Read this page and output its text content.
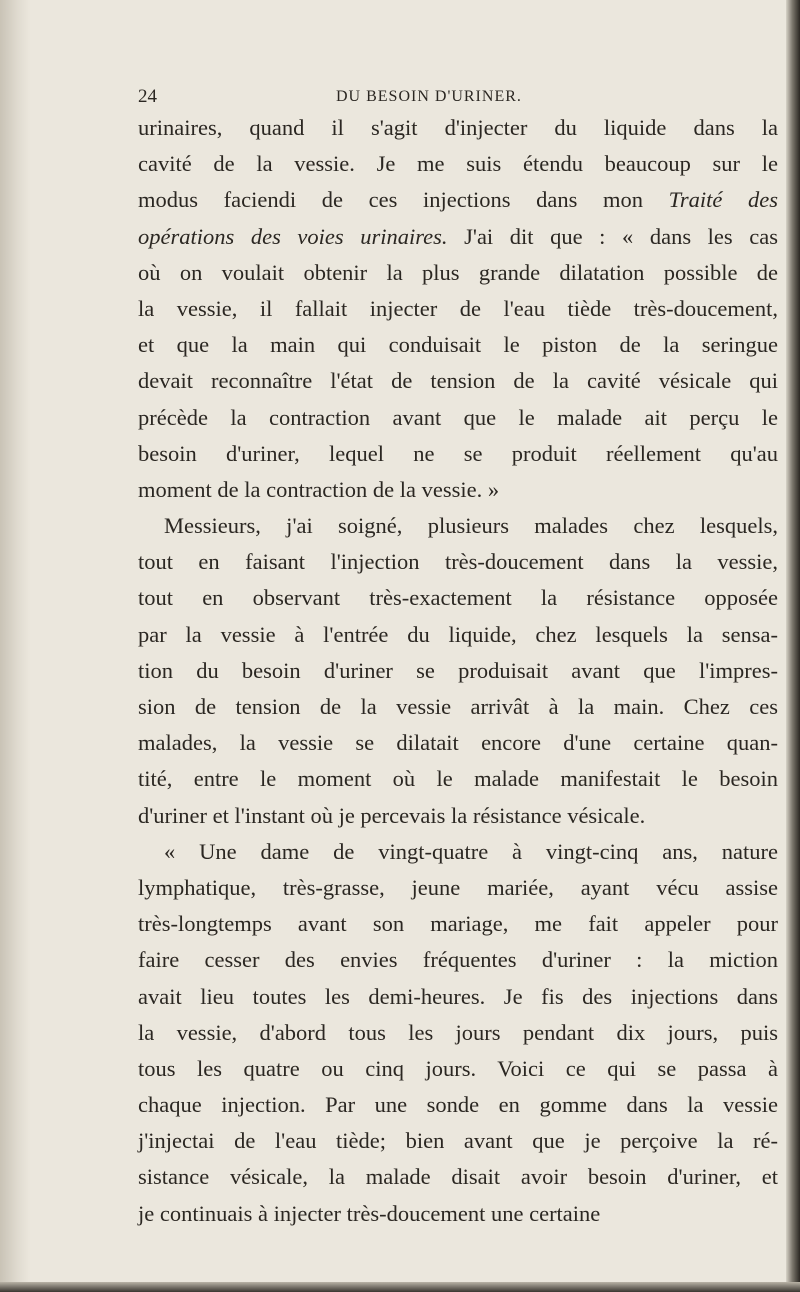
24	DU BESOIN D'URINER.
urinaires, quand il s'agit d'injecter du liquide dans la
cavité de la vessie. Je me suis étendu beaucoup sur le
modus faciendi de ces injections dans mon Traité des
opérations des voies urinaires. J'ai dit que : « dans les cas
où on voulait obtenir la plus grande dilatation possible de
la vessie, il fallait injecter de l'eau tiède très-doucement,
et que la main qui conduisait le piston de la seringue
devait reconnaître l'état de tension de la cavité vésicale qui
précède la contraction avant que le malade ait perçu le
besoin d'uriner, lequel ne se produit réellement qu'au
moment de la contraction de la vessie. »
Messieurs, j'ai soigné, plusieurs malades chez lesquels,
tout en faisant l'injection très-doucement dans la vessie,
tout en observant très-exactement la résistance opposée
par la vessie à l'entrée du liquide, chez lesquels la sensa-
tion du besoin d'uriner se produisait avant que l'impres-
sion de tension de la vessie arrivât à la main. Chez ces
malades, la vessie se dilatait encore d'une certaine quan-
tité, entre le moment où le malade manifestait le besoin
d'uriner et l'instant où je percevais la résistance vésicale.
« Une dame de vingt-quatre à vingt-cinq ans, nature
lymphatique, très-grasse, jeune mariée, ayant vécu assise
très-longtemps avant son mariage, me fait appeler pour
faire cesser des envies fréquentes d'uriner : la miction
avait lieu toutes les demi-heures. Je fis des injections dans
la vessie, d'abord tous les jours pendant dix jours, puis
tous les quatre ou cinq jours. Voici ce qui se passa à
chaque injection. Par une sonde en gomme dans la vessie
j'injectai de l'eau tiède; bien avant que je perçoive la ré-
sistance vésicale, la malade disait avoir besoin d'uriner, et
je continuais à injecter très-doucement une certaine
